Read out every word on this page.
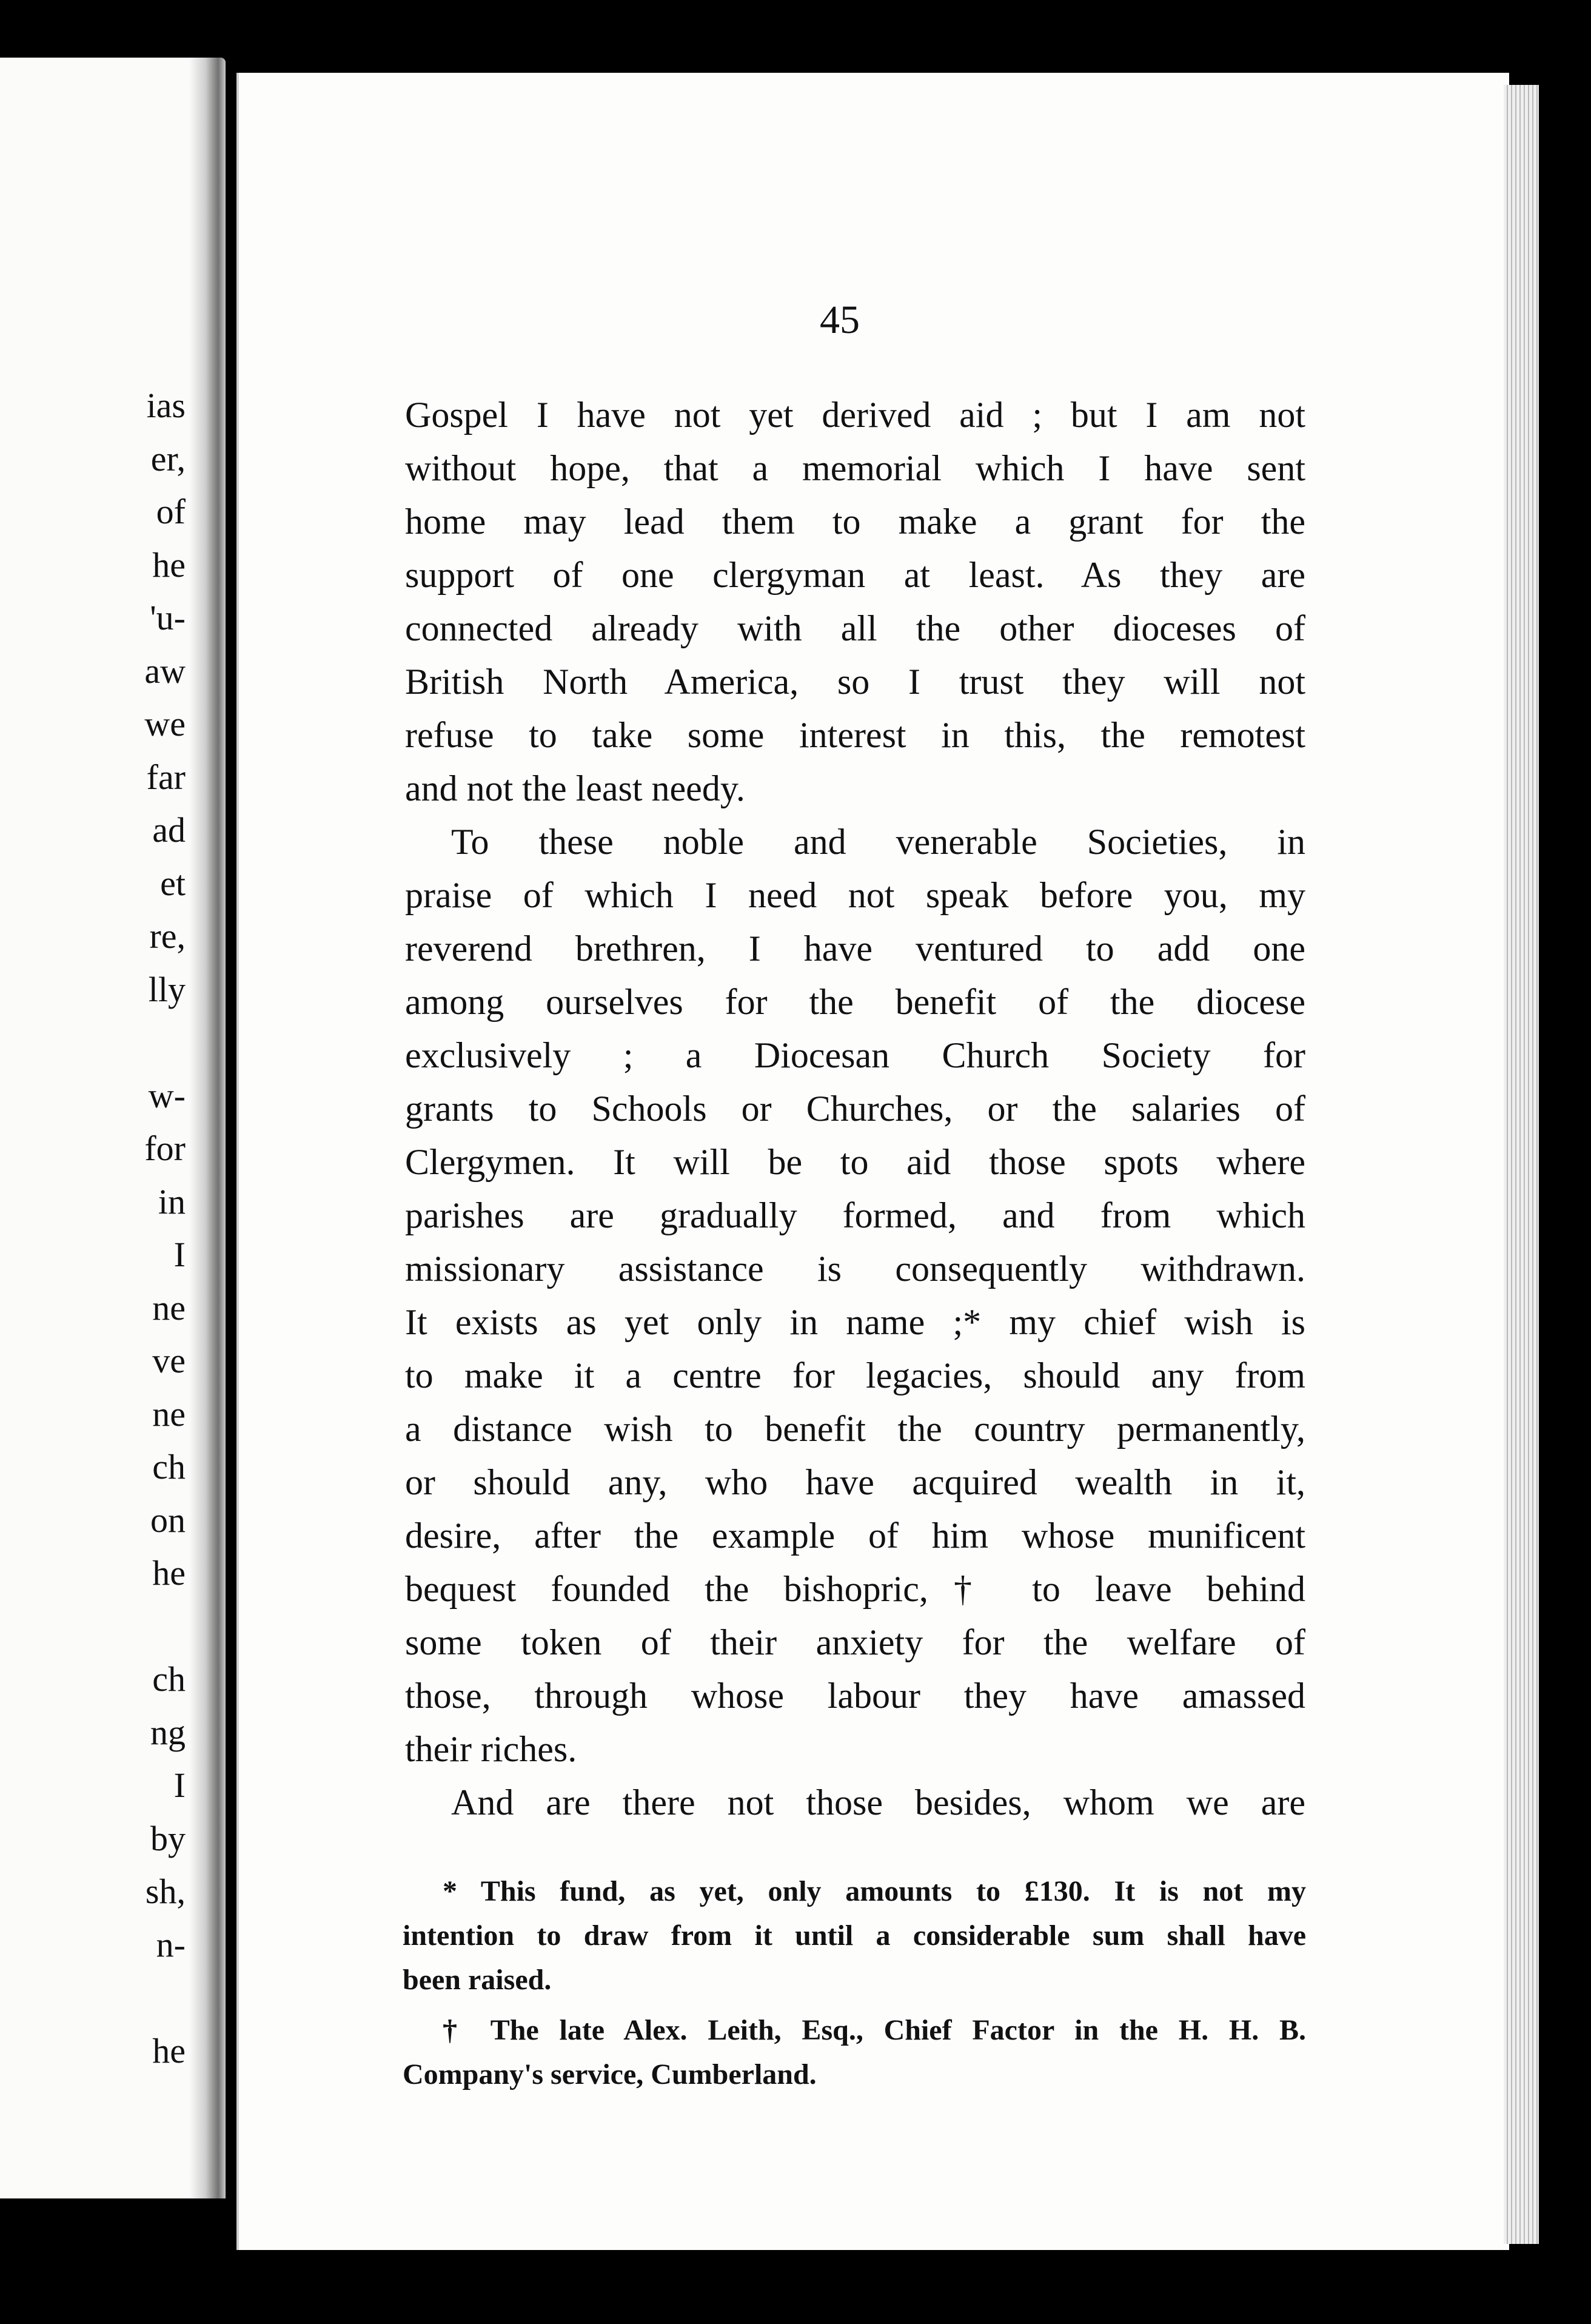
ias
er,
of
he
'u-
aw
we
far
ad
et
re,
lly
w-
for
in
I
ne
ve
ne
ch
on
he
ch
ng
I
by
sh,
n-
he
45
Gospel I have not yet derived aid ; but I am not
without hope, that a memorial which I have sent
home may lead them to make a grant for the
support of one clergyman at least. As they are
connected already with all the other dioceses of
British North America, so I trust they will not
refuse to take some interest in this, the remotest
and not the least needy.
To these noble and venerable Societies, in
praise of which I need not speak before you, my
reverend brethren, I have ventured to add one
among ourselves for the benefit of the diocese
exclusively ; a Diocesan Church Society for
grants to Schools or Churches, or the salaries of
Clergymen. It will be to aid those spots where
parishes are gradually formed, and from which
missionary assistance is consequently withdrawn.
It exists as yet only in name ;* my chief wish is
to make it a centre for legacies, should any from
a distance wish to benefit the country permanently,
or should any, who have acquired wealth in it,
desire, after the example of him whose munificent
bequest founded the bishopric,† to leave behind
some token of their anxiety for the welfare of
those, through whose labour they have amassed
their riches.
And are there not those besides, whom we are
* This fund, as yet, only amounts to £130. It is not my
intention to draw from it until a considerable sum shall have
been raised.
† The late Alex. Leith, Esq., Chief Factor in the H. H. B.
Company's service, Cumberland.
